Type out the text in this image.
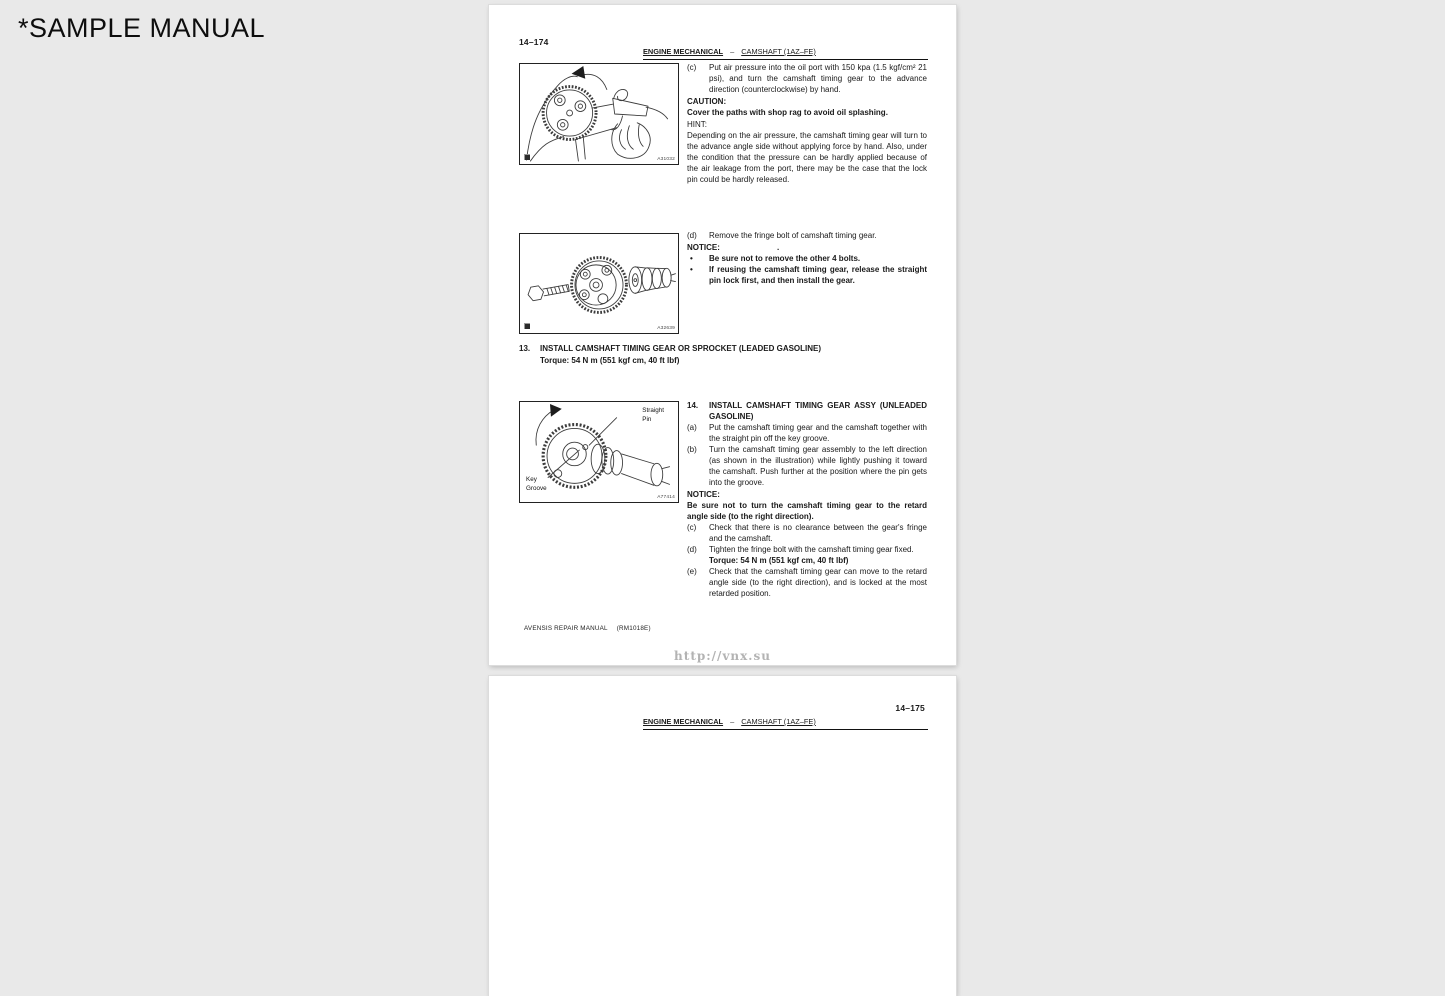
*SAMPLE MANUAL	14–174
ENGINE MECHANICAL – CAMSHAFT (1AZ–FE)
A31032
(c)	Put air pressure into the oil port with 150 kpa (1.5 kgf/cm² 21 psi), and turn the camshaft timing gear to the advance direction (counterclockwise) by hand.
CAUTION:
Cover the paths with shop rag to avoid oil splashing.
HINT:
Depending on the air pressure, the camshaft timing gear will turn to the advance angle side without applying force by hand. Also, under the condition that the pressure can be hardly applied because of the air leakage from the port, there may be the case that the lock pin could be hardly released.
A32639
(d)	Remove the fringe bolt of camshaft timing gear.
NOTICE:	.
•	Be sure not to remove the other 4 bolts.
•	If reusing the camshaft timing gear, release the straight pin lock first, and then install the gear.
13.	INSTALL CAMSHAFT TIMING GEAR OR SPROCKET (LEADED GASOLINE)
Torque: 54 N m (551 kgf cm, 40 ft lbf)
Straight
Pin
Key
Groove
A77414
14.	INSTALL CAMSHAFT TIMING GEAR ASSY (UNLEADED GASOLINE)
(a)	Put the camshaft timing gear and the camshaft together with the straight pin off the key groove.
(b)	Turn the camshaft timing gear assembly to the left direction (as shown in the illustration) while lightly pushing it toward the camshaft. Push further at the position where the pin gets into the groove.
NOTICE:
Be sure not to turn the camshaft timing gear to the retard angle side (to the right direction).
(c)	Check that there is no clearance between the gear's fringe and the camshaft.
(d)	Tighten the fringe bolt with the camshaft timing gear fixed.
Torque: 54 N m (551 kgf cm, 40 ft lbf)
(e)	Check that the camshaft timing gear can move to the retard angle side (to the right direction), and is locked at the most retarded position.
AVENSIS REPAIR MANUAL (RM1018E)
http://vnx.su
14–175
ENGINE MECHANICAL – CAMSHAFT (1AZ–FE)
